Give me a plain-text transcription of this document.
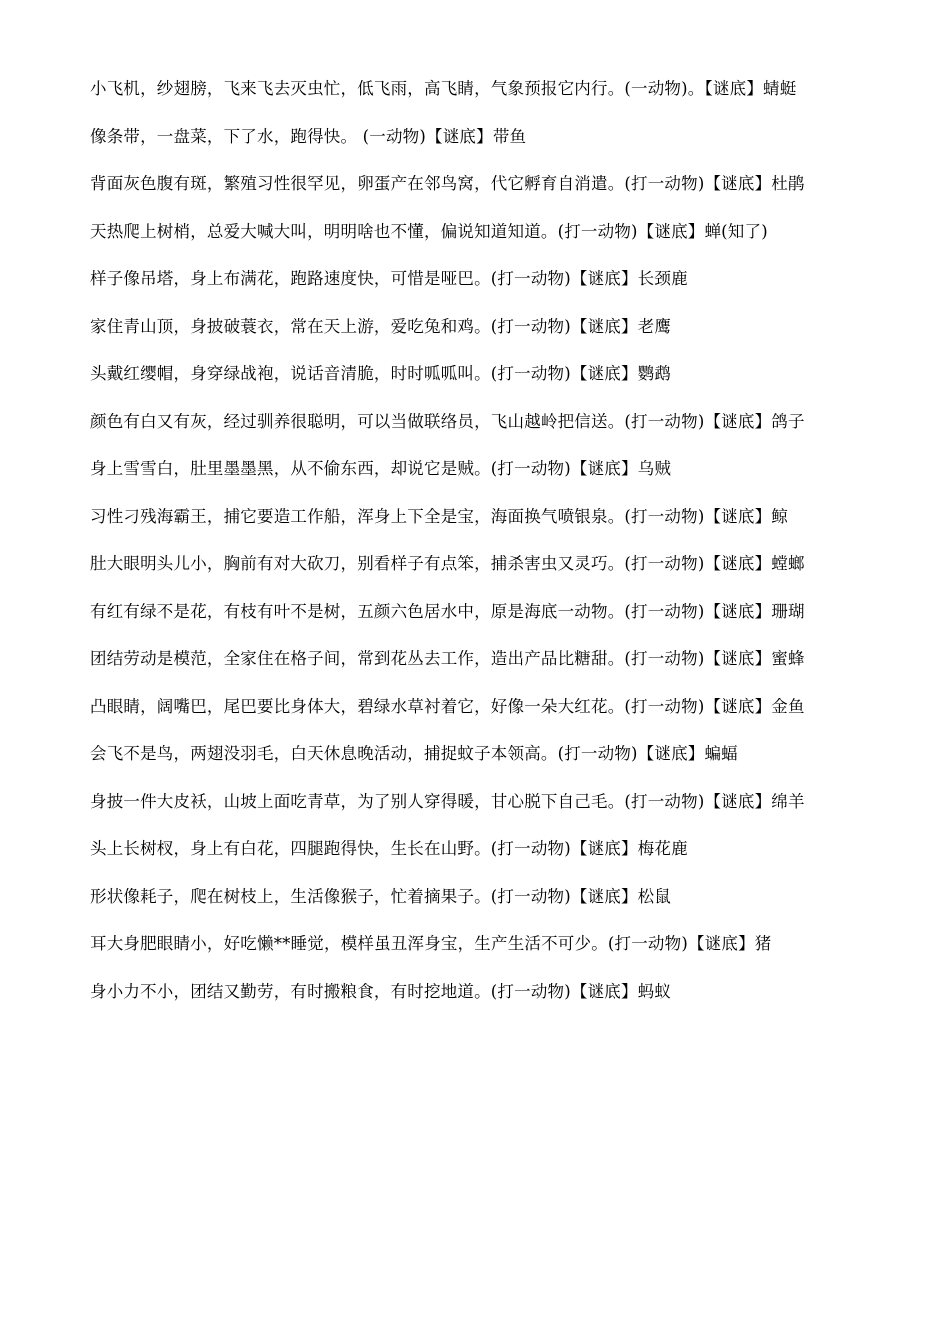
小飞机，纱翅膀，飞来飞去灭虫忙，低飞雨，高飞睛，气象预报它内行。(一动物)。【谜底】蜻蜓
像条带，一盘菜，下了水，跑得快。 (一动物)【谜底】带鱼
背面灰色腹有斑，繁殖习性很罕见，卵蛋产在邻鸟窝，代它孵育自消遣。(打一动物)【谜底】杜鹃
天热爬上树梢，总爱大喊大叫，明明啥也不懂，偏说知道知道。(打一动物)【谜底】蝉(知了)
样子像吊塔，身上布满花，跑路速度快，可惜是哑巴。(打一动物)【谜底】长颈鹿
家住青山顶，身披破蓑衣，常在天上游，爱吃兔和鸡。(打一动物)【谜底】老鹰
头戴红缨帽，身穿绿战袍，说话音清脆，时时呱呱叫。(打一动物)【谜底】鹦鹉
颜色有白又有灰，经过驯养很聪明，可以当做联络员，飞山越岭把信送。(打一动物)【谜底】鸽子
身上雪雪白，肚里墨墨黑，从不偷东西，却说它是贼。(打一动物)【谜底】乌贼
习性刁残海霸王，捕它要造工作船，浑身上下全是宝，海面换气喷银泉。(打一动物)【谜底】鲸
肚大眼明头儿小，胸前有对大砍刀，别看样子有点笨，捕杀害虫又灵巧。(打一动物)【谜底】螳螂
有红有绿不是花，有枝有叶不是树，五颜六色居水中，原是海底一动物。(打一动物)【谜底】珊瑚
团结劳动是模范，全家住在格子间，常到花丛去工作，造出产品比糖甜。(打一动物)【谜底】蜜蜂
凸眼睛，阔嘴巴，尾巴要比身体大，碧绿水草衬着它，好像一朵大红花。(打一动物)【谜底】金鱼
会飞不是鸟，两翅没羽毛，白天休息晚活动，捕捉蚊子本领高。(打一动物)【谜底】蝙蝠
身披一件大皮袄，山坡上面吃青草，为了别人穿得暖，甘心脱下自己毛。(打一动物)【谜底】绵羊
头上长树杈，身上有白花，四腿跑得快，生长在山野。(打一动物)【谜底】梅花鹿
形状像耗子，爬在树枝上，生活像猴子，忙着摘果子。(打一动物)【谜底】松鼠
耳大身肥眼睛小，好吃懒**睡觉，模样虽丑浑身宝，生产生活不可少。(打一动物)【谜底】猪
身小力不小，团结又勤劳，有时搬粮食，有时挖地道。(打一动物)【谜底】蚂蚁
